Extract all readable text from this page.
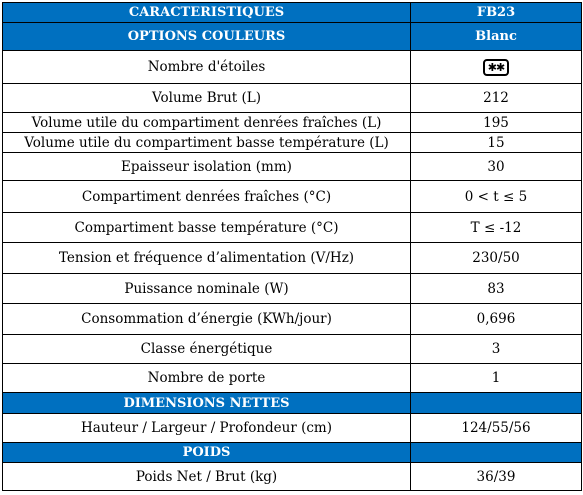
CARACTERISTIQUES	FB23
OPTIONS COULEURS	Blanc
Nombre d'étoiles	✱✱
Volume Brut (L)	212
Volume utile du compartiment denrées fraîches (L)	195
Volume utile du compartiment basse température (L)	15
Epaisseur isolation (mm)	30
Compartiment denrées fraîches (°C)	0 < t ≤ 5
Compartiment basse température (°C)	T ≤ -12
Tension et fréquence d’alimentation (V/Hz)	230/50
Puissance nominale (W)	83
Consommation d’énergie (KWh/jour)	0,696
Classe énergétique	3
Nombre de porte	1
DIMENSIONS NETTES	
Hauteur / Largeur / Profondeur (cm)	124/55/56
POIDS	
Poids Net / Brut (kg)	36/39
